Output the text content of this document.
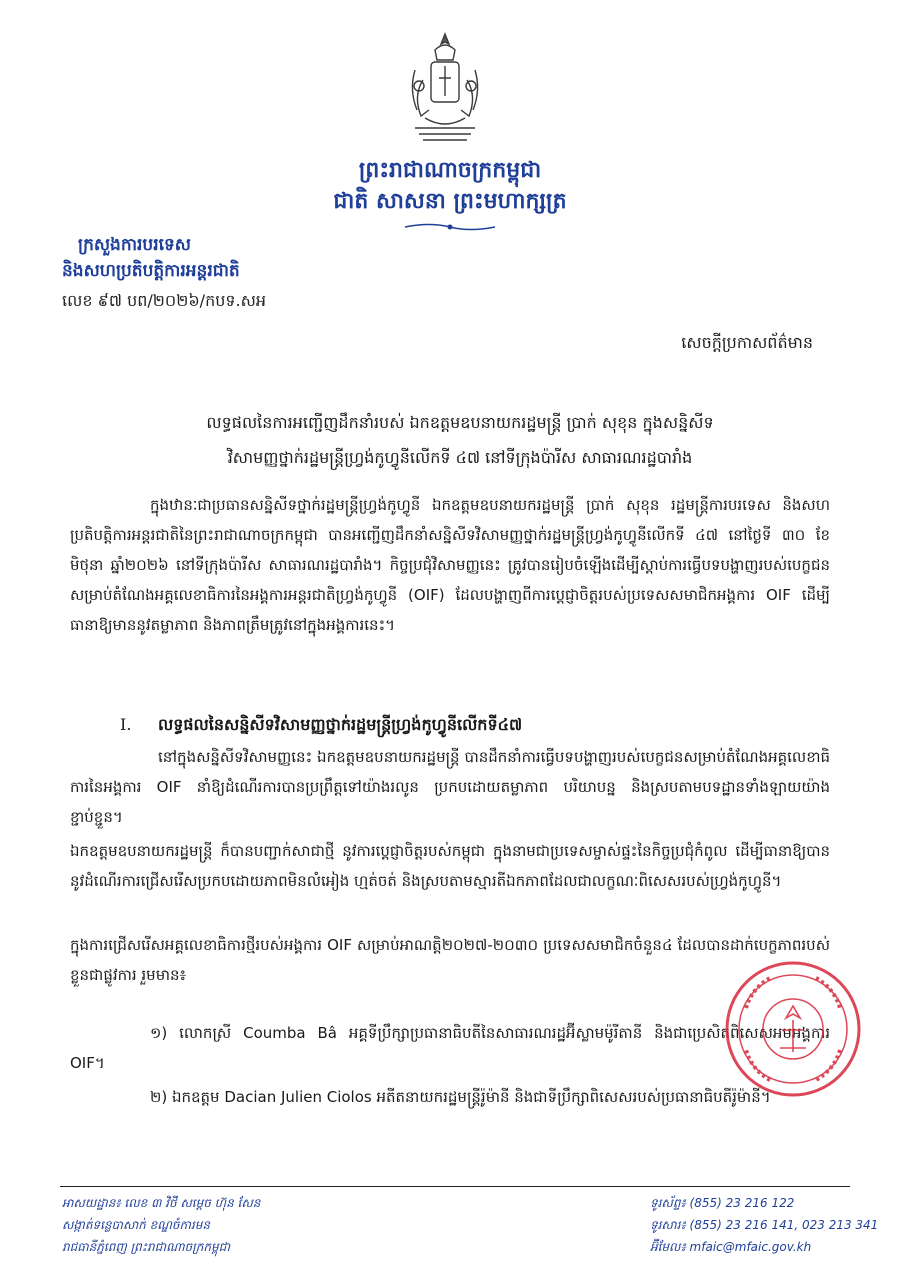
ព្រះរាជាណាចក្រកម្ពុជា
ជាតិ សាសនា ព្រះមហាក្សត្រ
ក្រសួងការបរទេស
និងសហប្រតិបត្តិការអន្តរជាតិ
លេខ ៩៧ បព/២០២៦/កបទ.សអ
សេចក្តីប្រកាសព័ត៌មាន
លទ្ធផលនៃការអញ្ជើញដឹកនាំរបស់ ឯកឧត្តមឧបនាយករដ្ឋមន្ត្រី ប្រាក់ សុខុន ក្នុងសន្និសីទ
វិសាមញ្ញថ្នាក់រដ្ឋមន្ត្រីហ្វ្រង់កូហ្វូនីលើកទី ៤៧ នៅទីក្រុងប៉ារីស សាធារណរដ្ឋបារាំង
ក្នុងឋានៈជាប្រធានសន្និសីទថ្នាក់រដ្ឋមន្ត្រីហ្វ្រង់កូហ្វូនី ឯកឧត្តមឧបនាយករដ្ឋមន្ត្រី ប្រាក់ សុខុន រដ្ឋមន្ត្រីការបរទេស និងសហប្រតិបត្តិការអន្តរជាតិនៃព្រះរាជាណាចក្រកម្ពុជា បានអញ្ជើញដឹកនាំសន្និសីទវិសាមញ្ញថ្នាក់រដ្ឋមន្ត្រីហ្វ្រង់កូហ្វូនីលើកទី ៤៧ នៅថ្ងៃទី ៣០ ខែមិថុនា ឆ្នាំ២០២៦ នៅទីក្រុងប៉ារីស សាធារណរដ្ឋបារាំង។ កិច្ចប្រជុំវិសាមញ្ញនេះ ត្រូវបានរៀបចំឡើងដើម្បីស្តាប់ការធ្វើបទបង្ហាញរបស់បេក្ខជនសម្រាប់តំណែងអគ្គលេខាធិការនៃអង្គការអន្តរជាតិហ្វ្រង់កូហ្វូនី (OIF) ដែលបង្ហាញពីការប្តេជ្ញាចិត្តរបស់ប្រទេសសមាជិកអង្គការ OIF ដើម្បីធានាឱ្យមាននូវតម្លាភាព និងភាពត្រឹមត្រូវនៅក្នុងអង្គការនេះ។
I. លទ្ធផលនៃសន្និសីទវិសាមញ្ញថ្នាក់រដ្ឋមន្ត្រីហ្វ្រង់កូហ្វូនីលើកទី៤៧
នៅក្នុងសន្និសីទវិសាមញ្ញនេះ ឯកឧត្តមឧបនាយករដ្ឋមន្ត្រី បានដឹកនាំការធ្វើបទបង្ហាញរបស់បេក្ខជនសម្រាប់តំណែងអគ្គលេខាធិការនៃអង្គការ OIF នាំឱ្យដំណើរការបានប្រព្រឹត្តទៅយ៉ាងរលូន ប្រកបដោយតម្លាភាព បរិយាបន្ន និងស្របតាមបទដ្ឋានទាំងឡាយយ៉ាងខ្ជាប់ខ្ជួន។
ឯកឧត្តមឧបនាយករដ្ឋមន្ត្រី ក៏បានបញ្ជាក់សាជាថ្មី នូវការប្តេជ្ញាចិត្តរបស់កម្ពុជា ក្នុងនាមជាប្រទេសម្ចាស់ផ្ទះនៃកិច្ចប្រជុំកំពូល ដើម្បីធានាឱ្យបាននូវដំណើរការជ្រើសរើសប្រកបដោយភាពមិនលំអៀង ហ្មត់ចត់ និងស្របតាមស្មារតីឯកភាពដែលជាលក្ខណៈពិសេសរបស់ហ្វ្រង់កូហ្វូនី។
ក្នុងការជ្រើសរើសអគ្គលេខាធិការថ្មីរបស់អង្គការ OIF សម្រាប់អាណត្តិ២០២៧-២០៣០ ប្រទេសសមាជិកចំនួន៤ ដែលបានដាក់បេក្ខភាពរបស់ខ្លួនជាផ្លូវការ រួមមាន៖
១) លោកស្រី Coumba Bâ អគ្គទីប្រឹក្សាប្រធានាធិបតីនៃសាធារណរដ្ឋអ៊ីស្លាមម៉ូរីតានី និងជាប្រេសិតពិសេសអមអង្គការ OIF។
២) ឯកឧត្តម Dacian Julien Ciolos អតីតនាយករដ្ឋមន្ត្រីរ៉ូម៉ានី និងជាទីប្រឹក្សាពិសេសរបស់ប្រធានាធិបតីរ៉ូម៉ានី។
អាសយដ្ឋាន៖ លេខ ៣ វិថី សម្តេច ហ៊ុន សែន
សង្កាត់ទន្លេបាសាក់ ខណ្ឌចំការមន
រាជធានីភ្នំពេញ ព្រះរាជាណាចក្រកម្ពុជា
ទូរស័ព្ទ៖ (855) 23 216 122
ទូរសារ៖ (855) 23 216 141, 023 213 341
អ៊ីមែល៖ mfaic@mfaic.gov.kh
